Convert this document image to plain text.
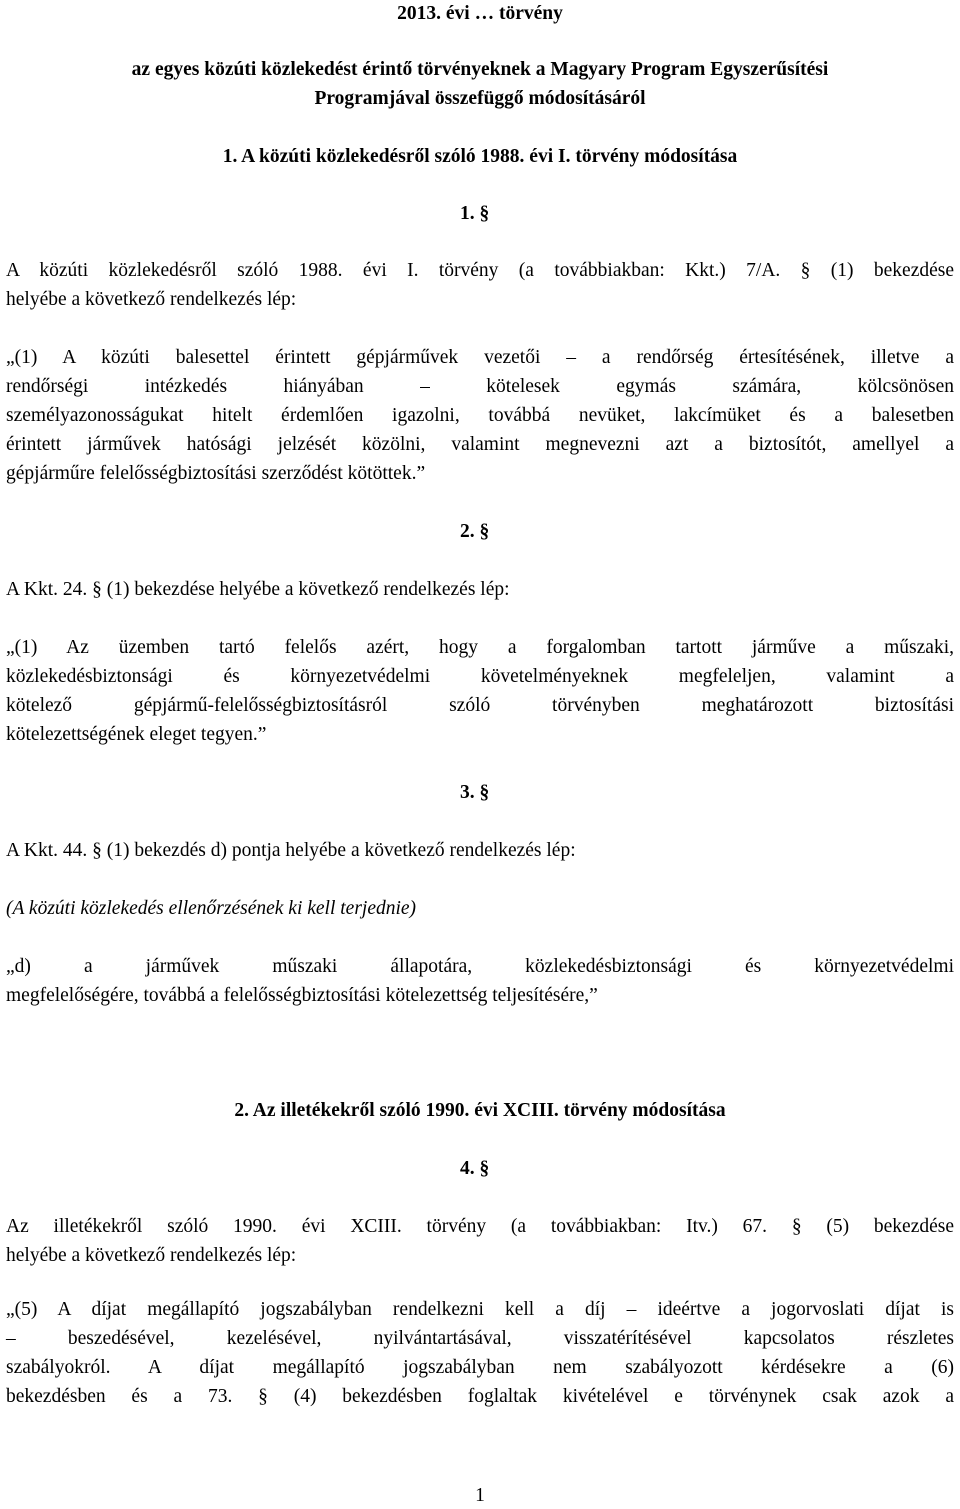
2013. évi … törvény
az egyes közúti közlekedést érintő törvényeknek a Magyary Program Egyszerűsítési
Programjával összefüggő módosításáról
1. A közúti közlekedésről szóló 1988. évi I. törvény módosítása
1. §
A közúti közlekedésről szóló 1988. évi I. törvény (a továbbiakban: Kkt.) 7/A. § (1) bekezdése
helyébe a következő rendelkezés lép:
„(1) A közúti balesettel érintett gépjárművek vezetői – a rendőrség értesítésének, illetve a
rendőrségi intézkedés hiányában – kötelesek egymás számára, kölcsönösen
személyazonosságukat hitelt érdemlően igazolni, továbbá nevüket, lakcímüket és a balesetben
érintett járművek hatósági jelzését közölni, valamint megnevezni azt a biztosítót, amellyel a
gépjárműre felelősségbiztosítási szerződést kötöttek.”
2. §
A Kkt. 24. § (1) bekezdése helyébe a következő rendelkezés lép:
„(1) Az üzemben tartó felelős azért, hogy a forgalomban tartott járműve a műszaki,
közlekedésbiztonsági és környezetvédelmi követelményeknek megfeleljen, valamint a
kötelező gépjármű-felelősségbiztosításról szóló törvényben meghatározott biztosítási
kötelezettségének eleget tegyen.”
3. §
A Kkt. 44. § (1) bekezdés d) pontja helyébe a következő rendelkezés lép:
(A közúti közlekedés ellenőrzésének ki kell terjednie)
„d) a járművek műszaki állapotára, közlekedésbiztonsági és környezetvédelmi
megfelelőségére, továbbá a felelősségbiztosítási kötelezettség teljesítésére,”
2. Az illetékekről szóló 1990. évi XCIII. törvény módosítása
4. §
Az illetékekről szóló 1990. évi XCIII. törvény (a továbbiakban: Itv.) 67. § (5) bekezdése
helyébe a következő rendelkezés lép:
„(5) A díjat megállapító jogszabályban rendelkezni kell a díj – ideértve a jogorvoslati díjat is
– beszedésével, kezelésével, nyilvántartásával, visszatérítésével kapcsolatos részletes
szabályokról. A díjat megállapító jogszabályban nem szabályozott kérdésekre a (6)
bekezdésben és a 73. § (4) bekezdésben foglaltak kivételével e törvénynek csak azok a
1
